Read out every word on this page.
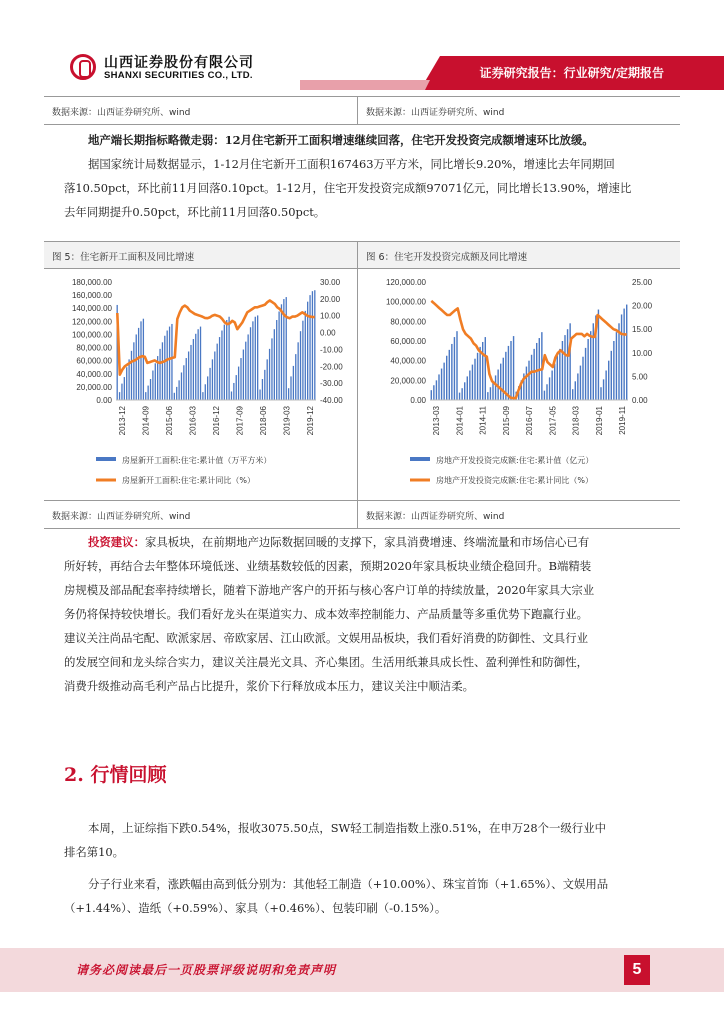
山西证券股份有限公司
SHANXI SECURITIES CO., LTD.	证券研究报告：行业研究/定期报告
数据来源：山西证券研究所、wind	数据来源：山西证券研究所、wind
地产端长期指标略微走弱：12月住宅新开工面积增速继续回落，住宅开发投资完成额增速环比放缓。
据国家统计局数据显示，1-12月住宅新开工面积167463万平方米，同比增长9.20%，增速比去年同期回
落10.50pct，环比前11月回落0.10pct。1-12月，住宅开发投资完成额97071亿元，同比增长13.90%，增速比
去年同期提升0.50pct，环比前11月回落0.50pct。
图 5：住宅新开工面积及同比增速	图 6：住宅开发投资完成额及同比增速
数据来源：山西证券研究所、wind	数据来源：山西证券研究所、wind
180,000.00
160,000.00
140,000.00
120,000.00
100,000.00
80,000.00
60,000.00
40,000.00
20,000.00
0.00
30.00
20.00
10.00
0.00
-10.00
-20.00
-30.00
-40.00
2013-12 2014-09 2015-06 2016-03 2016-12 2017-09 2018-06 2019-03 2019-12
房屋新开工面积:住宅:累计值（万平方米）
房屋新开工面积:住宅:累计同比（%）
120,000.00
100,000.00
80,000.00
60,000.00
40,000.00
20,000.00
0.00
25.00
20.00
15.00
10.00
5.00
0.00
2013-03 2014-01 2014-11 2015-09 2016-07 2017-05 2018-03 2019-01 2019-11
房地产开发投资完成额:住宅:累计值（亿元）
房地产开发投资完成额:住宅:累计同比（%）
投资建议：家具板块，在前期地产边际数据回暖的支撑下，家具消费增速、终端流量和市场信心已有
所好转，再结合去年整体环境低迷、业绩基数较低的因素，预期2020年家具板块业绩企稳回升。B端精装
房规模及部品配套率持续增长，随着下游地产客户的开拓与核心客户订单的持续放量，2020年家具大宗业
务仍将保持较快增长。我们看好龙头在渠道实力、成本效率控制能力、产品质量等多重优势下跑赢行业。
建议关注尚品宅配、欧派家居、帝欧家居、江山欧派。文娱用品板块，我们看好消费的防御性、文具行业
的发展空间和龙头综合实力，建议关注晨光文具、齐心集团。生活用纸兼具成长性、盈利弹性和防御性，
消费升级推动高毛利产品占比提升，浆价下行释放成本压力，建议关注中顺洁柔。
2. 行情回顾
本周，上证综指下跌0.54%，报收3075.50点，SW轻工制造指数上涨0.51%，在申万28个一级行业中
排名第10。
分子行业来看，涨跌幅由高到低分别为：其他轻工制造（+10.00%）、珠宝首饰（+1.65%）、文娱用品
（+1.44%）、造纸（+0.59%）、家具（+0.46%）、包装印刷（-0.15%）。
请务必阅读最后一页股票评级说明和免责声明	5
